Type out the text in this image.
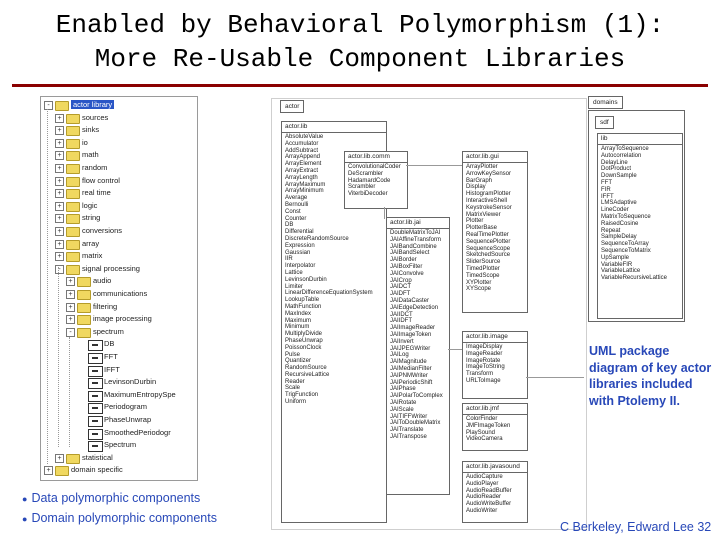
Enabled by Behavioral Polymorphism (1):
More Re-Usable Component Libraries
-	actor library
+	sources
+	sinks
+	io
+	math
+	random
+	flow control
+	real time
+	logic
+	string
+	conversions
+	array
+	matrix
-	signal processing
+	audio
+	communications
+	filtering
+	image processing
-	spectrum
DB
FFT
IFFT
LevinsonDurbin
MaximumEntropySpe
Periodogram
PhaseUnwrap
SmoothedPeriodogr
Spectrum
+	statistical
+	domain specific
● Data polymorphic components
● Domain polymorphic components
actor
actor.lib
AbsoluteValue
Accumulator
AddSubtract
ArrayAppend
ArrayElement
ArrayExtract
ArrayLength
ArrayMaximum
ArrayMinimum
Average
Bernoulli
Const
Counter
DB
Differential
DiscreteRandomSource
Expression
Gaussian
IIR
Interpolator
Lattice
LevinsonDurbin
Limiter
LinearDifferenceEquationSystem
LookupTable
MathFunction
MaxIndex
Maximum
Minimum
MultiplyDivide
PhaseUnwrap
PoissonClock
Pulse
Quantizer
RandomSource
RecursiveLattice
Reader
Scale
TrigFunction
Uniform
actor.lib.comm
ConvolutionalCoder
DeScrambler
HadamardCode
Scrambler
ViterbiDecoder
actor.lib.gui
ArrayPlotter
ArrowKeySensor
BarGraph
Display
HistogramPlotter
InteractiveShell
KeystrokeSensor
MatrixViewer
Plotter
PlotterBase
RealTimePlotter
SequencePlotter
SequenceScope
SketchedSource
SliderSource
TimedPlotter
TimedScope
XYPlotter
XYScope
actor.lib.jai
DoubleMatrixToJAI
JAIAffineTransform
JAIBandCombine
JAIBandSelect
JAIBorder
JAIBoxFilter
JAIConvolve
JAICrop
JAIDCT
JAIDFT
JAIDataCaster
JAIEdgeDetection
JAIIDCT
JAIIDFT
JAIImageReader
JAIImageToken
JAIInvert
JAIJPEGWriter
JAILog
JAIMagnitude
JAIMedianFilter
JAIPNMWriter
JAIPeriodicShift
JAIPhase
JAIPolarToComplex
JAIRotate
JAIScale
JAITIFFWriter
JAIToDoubleMatrix
JAITranslate
JAITranspose
actor.lib.image
ImageDisplay
ImageReader
ImageRotate
ImageToString
Transform
URLToImage
actor.lib.jmf
ColorFinder
JMFImageToken
PlaySound
VideoCamera
actor.lib.javasound
AudioCapture
AudioPlayer
AudioReadBuffer
AudioReader
AudioWriteBuffer
AudioWriter
domains
sdf
lib
ArrayToSequence
Autocorrelation
DelayLine
DotProduct
DownSample
FFT
FIR
IFFT
LMSAdaptive
LineCoder
MatrixToSequence
RaisedCosine
Repeat
SampleDelay
SequenceToArray
SequenceToMatrix
UpSample
VariableFIR
VariableLattice
VariableRecursiveLattice
UML package diagram of key actor libraries included with Ptolemy II.
C Berkeley, Edward Lee 32
